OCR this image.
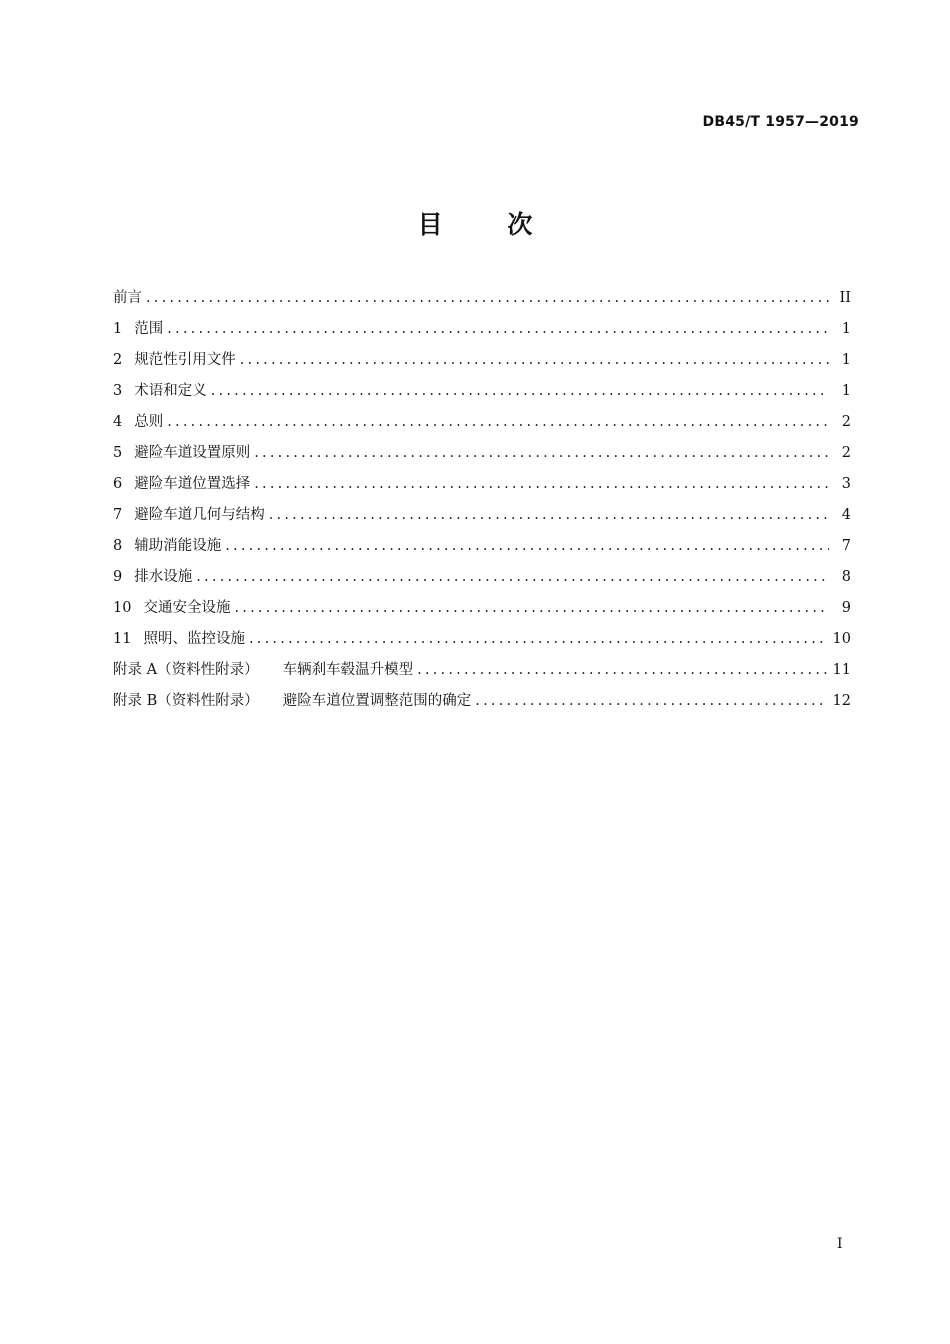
DB45/T 1957—2019
目 次
前言 .....	II
1 范围 .....	1
2 规范性引用文件 .....	1
3 术语和定义 .....	1
4 总则 .....	2
5 避险车道设置原则 .....	2
6 避险车道位置选择 .....	3
7 避险车道几何与结构 .....	4
8 辅助消能设施 .....	7
9 排水设施 .....	8
10 交通安全设施 .....	9
11 照明、监控设施 .....	10
附录 A（资料性附录） 车辆刹车毂温升模型 .....	11
附录 B（资料性附录） 避险车道位置调整范围的确定 .....	12
I
